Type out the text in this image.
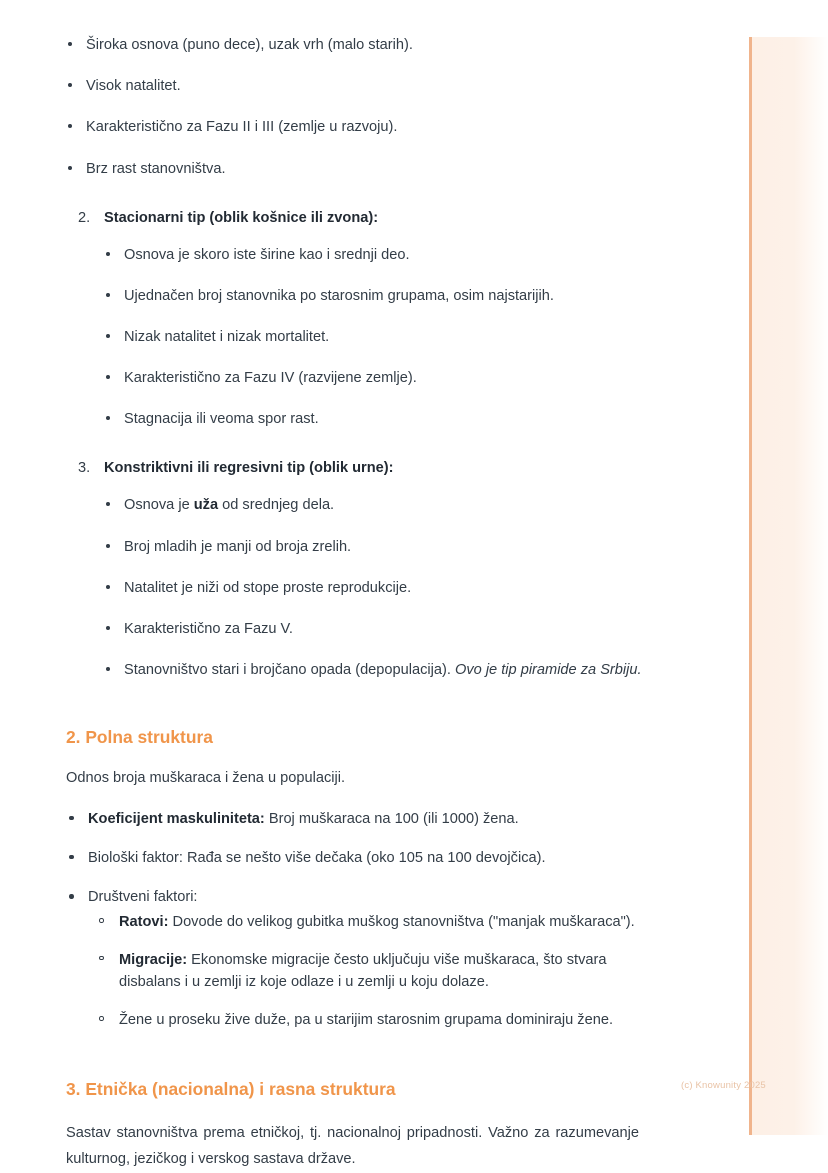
Široka osnova (puno dece), uzak vrh (malo starih).
Visok natalitet.
Karakteristično za Fazu II i III (zemlje u razvoju).
Brz rast stanovništva.
2. Stacionarni tip (oblik košnice ili zvona):
Osnova je skoro iste širine kao i srednji deo.
Ujednačen broj stanovnika po starosnim grupama, osim najstarijih.
Nizak natalitet i nizak mortalitet.
Karakteristično za Fazu IV (razvijene zemlje).
Stagnacija ili veoma spor rast.
3. Konstriktivni ili regresivni tip (oblik urne):
Osnova je uža od srednjeg dela.
Broj mladih je manji od broja zrelih.
Natalitet je niži od stope proste reprodukcije.
Karakteristično za Fazu V.
Stanovništvo stari i brojčano opada (depopulacija). Ovo je tip piramide za Srbiju.
2. Polna struktura

Odnos broja muškaraca i žena u populaciji.

Koeficijent maskuliniteta: Broj muškaraca na 100 (ili 1000) žena.
Biološki faktor: Rađa se nešto više dečaka (oko 105 na 100 devojčica).
Društveni faktori:
Ratovi: Dovode do velikog gubitka muškog stanovništva ("manjak muškaraca").
Migracije: Ekonomske migracije često uključuju više muškaraca, što stvara disbalans i u zemlji iz koje odlaze i u zemlji u koju dolaze.
Žene u proseku žive duže, pa u starijim starosnim grupama dominiraju žene.
3. Etnička (nacionalna) i rasna struktura

Sastav stanovništva prema etničkoj, tj. nacionalnoj pripadnosti. Važno za razumevanje kulturnog, jezičkog i verskog sastava države.

(c) Knowunity 2025
